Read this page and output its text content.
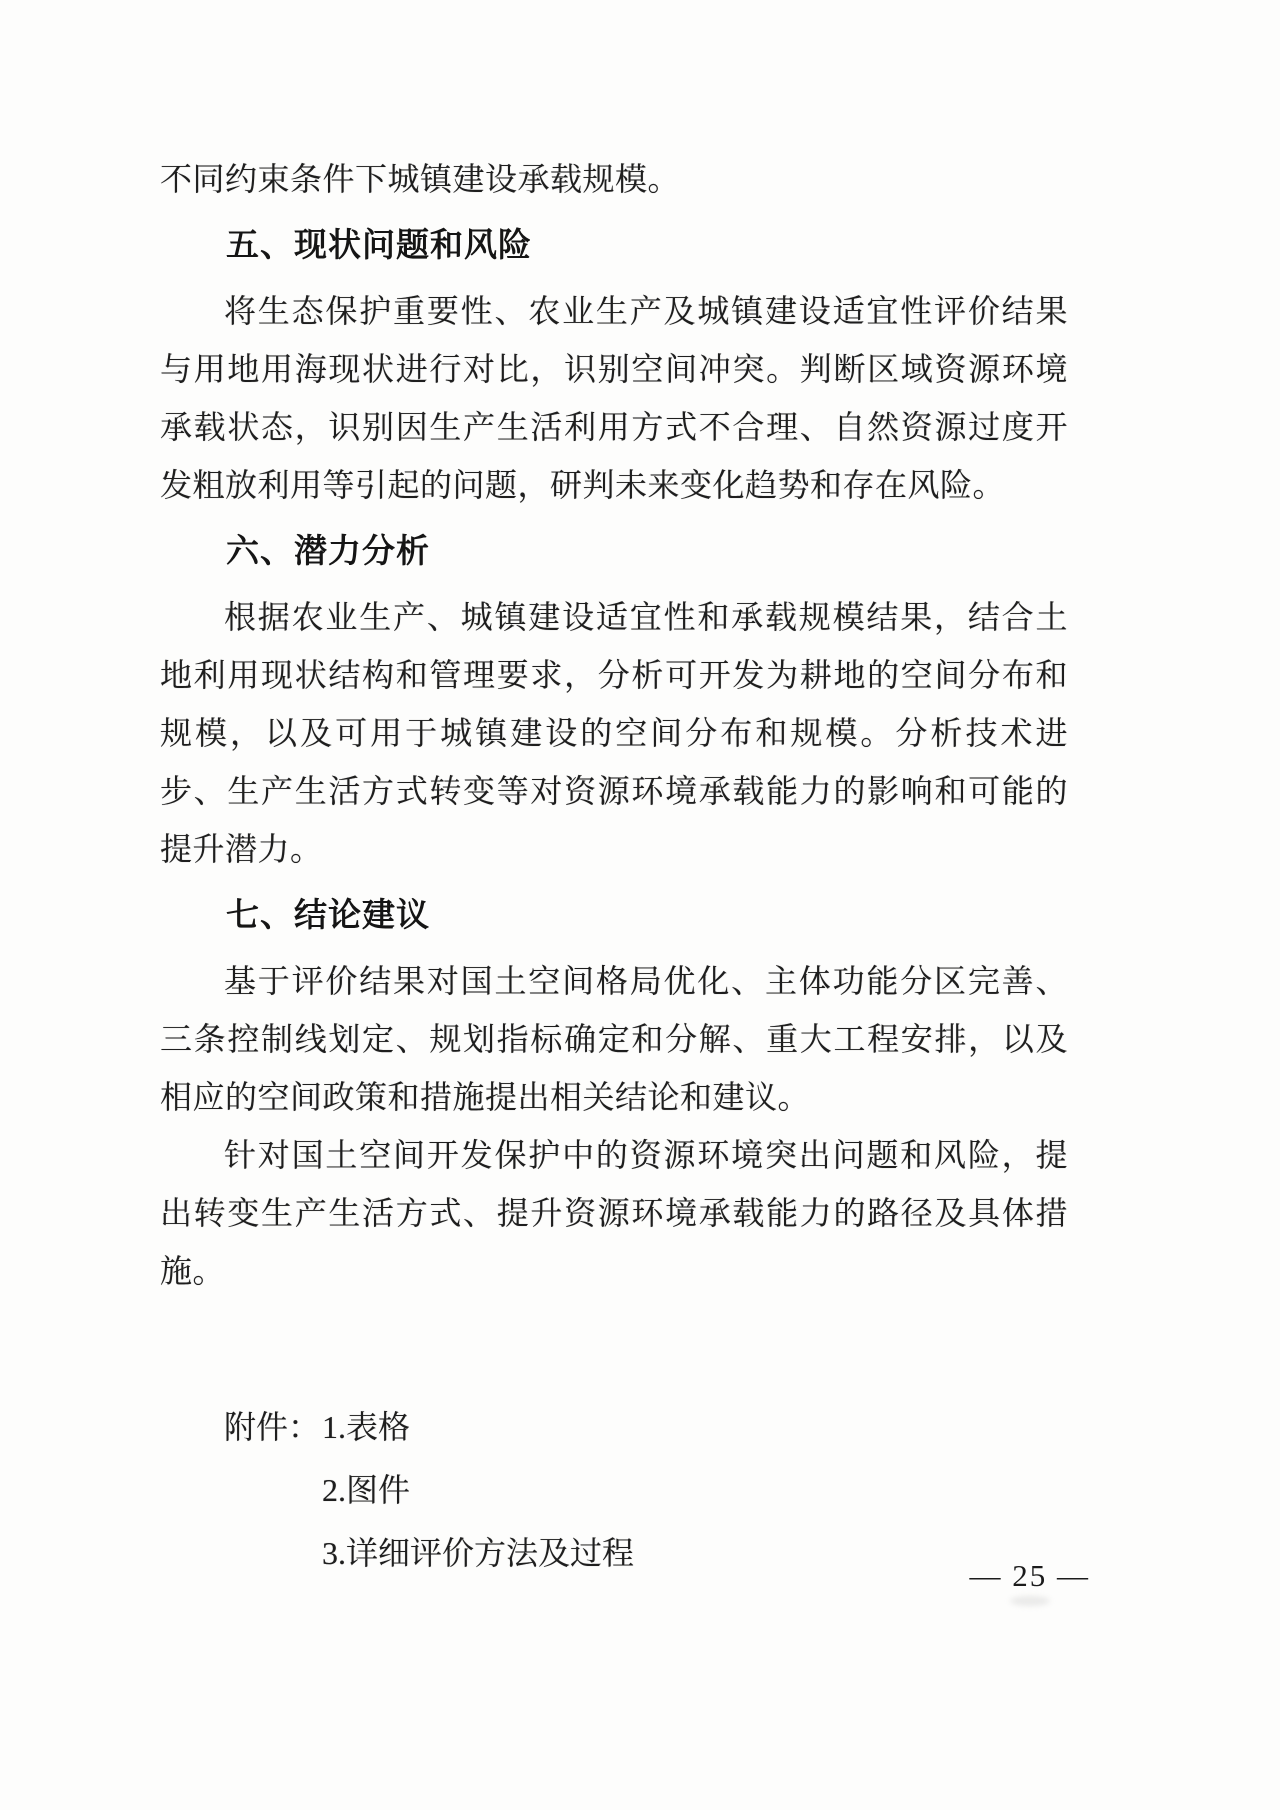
不同约束条件下城镇建设承载规模。

五、现状问题和风险

将生态保护重要性、农业生产及城镇建设适宜性评价结果与用地用海现状进行对比，识别空间冲突。判断区域资源环境承载状态，识别因生产生活利用方式不合理、自然资源过度开发粗放利用等引起的问题，研判未来变化趋势和存在风险。

六、潜力分析

根据农业生产、城镇建设适宜性和承载规模结果，结合土地利用现状结构和管理要求，分析可开发为耕地的空间分布和规模，以及可用于城镇建设的空间分布和规模。分析技术进步、生产生活方式转变等对资源环境承载能力的影响和可能的提升潜力。

七、结论建议

基于评价结果对国土空间格局优化、主体功能分区完善、三条控制线划定、规划指标确定和分解、重大工程安排，以及相应的空间政策和措施提出相关结论和建议。

针对国土空间开发保护中的资源环境突出问题和风险，提出转变生产生活方式、提升资源环境承载能力的路径及具体措施。

附件： 1.表格
2.图件
3.详细评价方法及过程
— 25 —
